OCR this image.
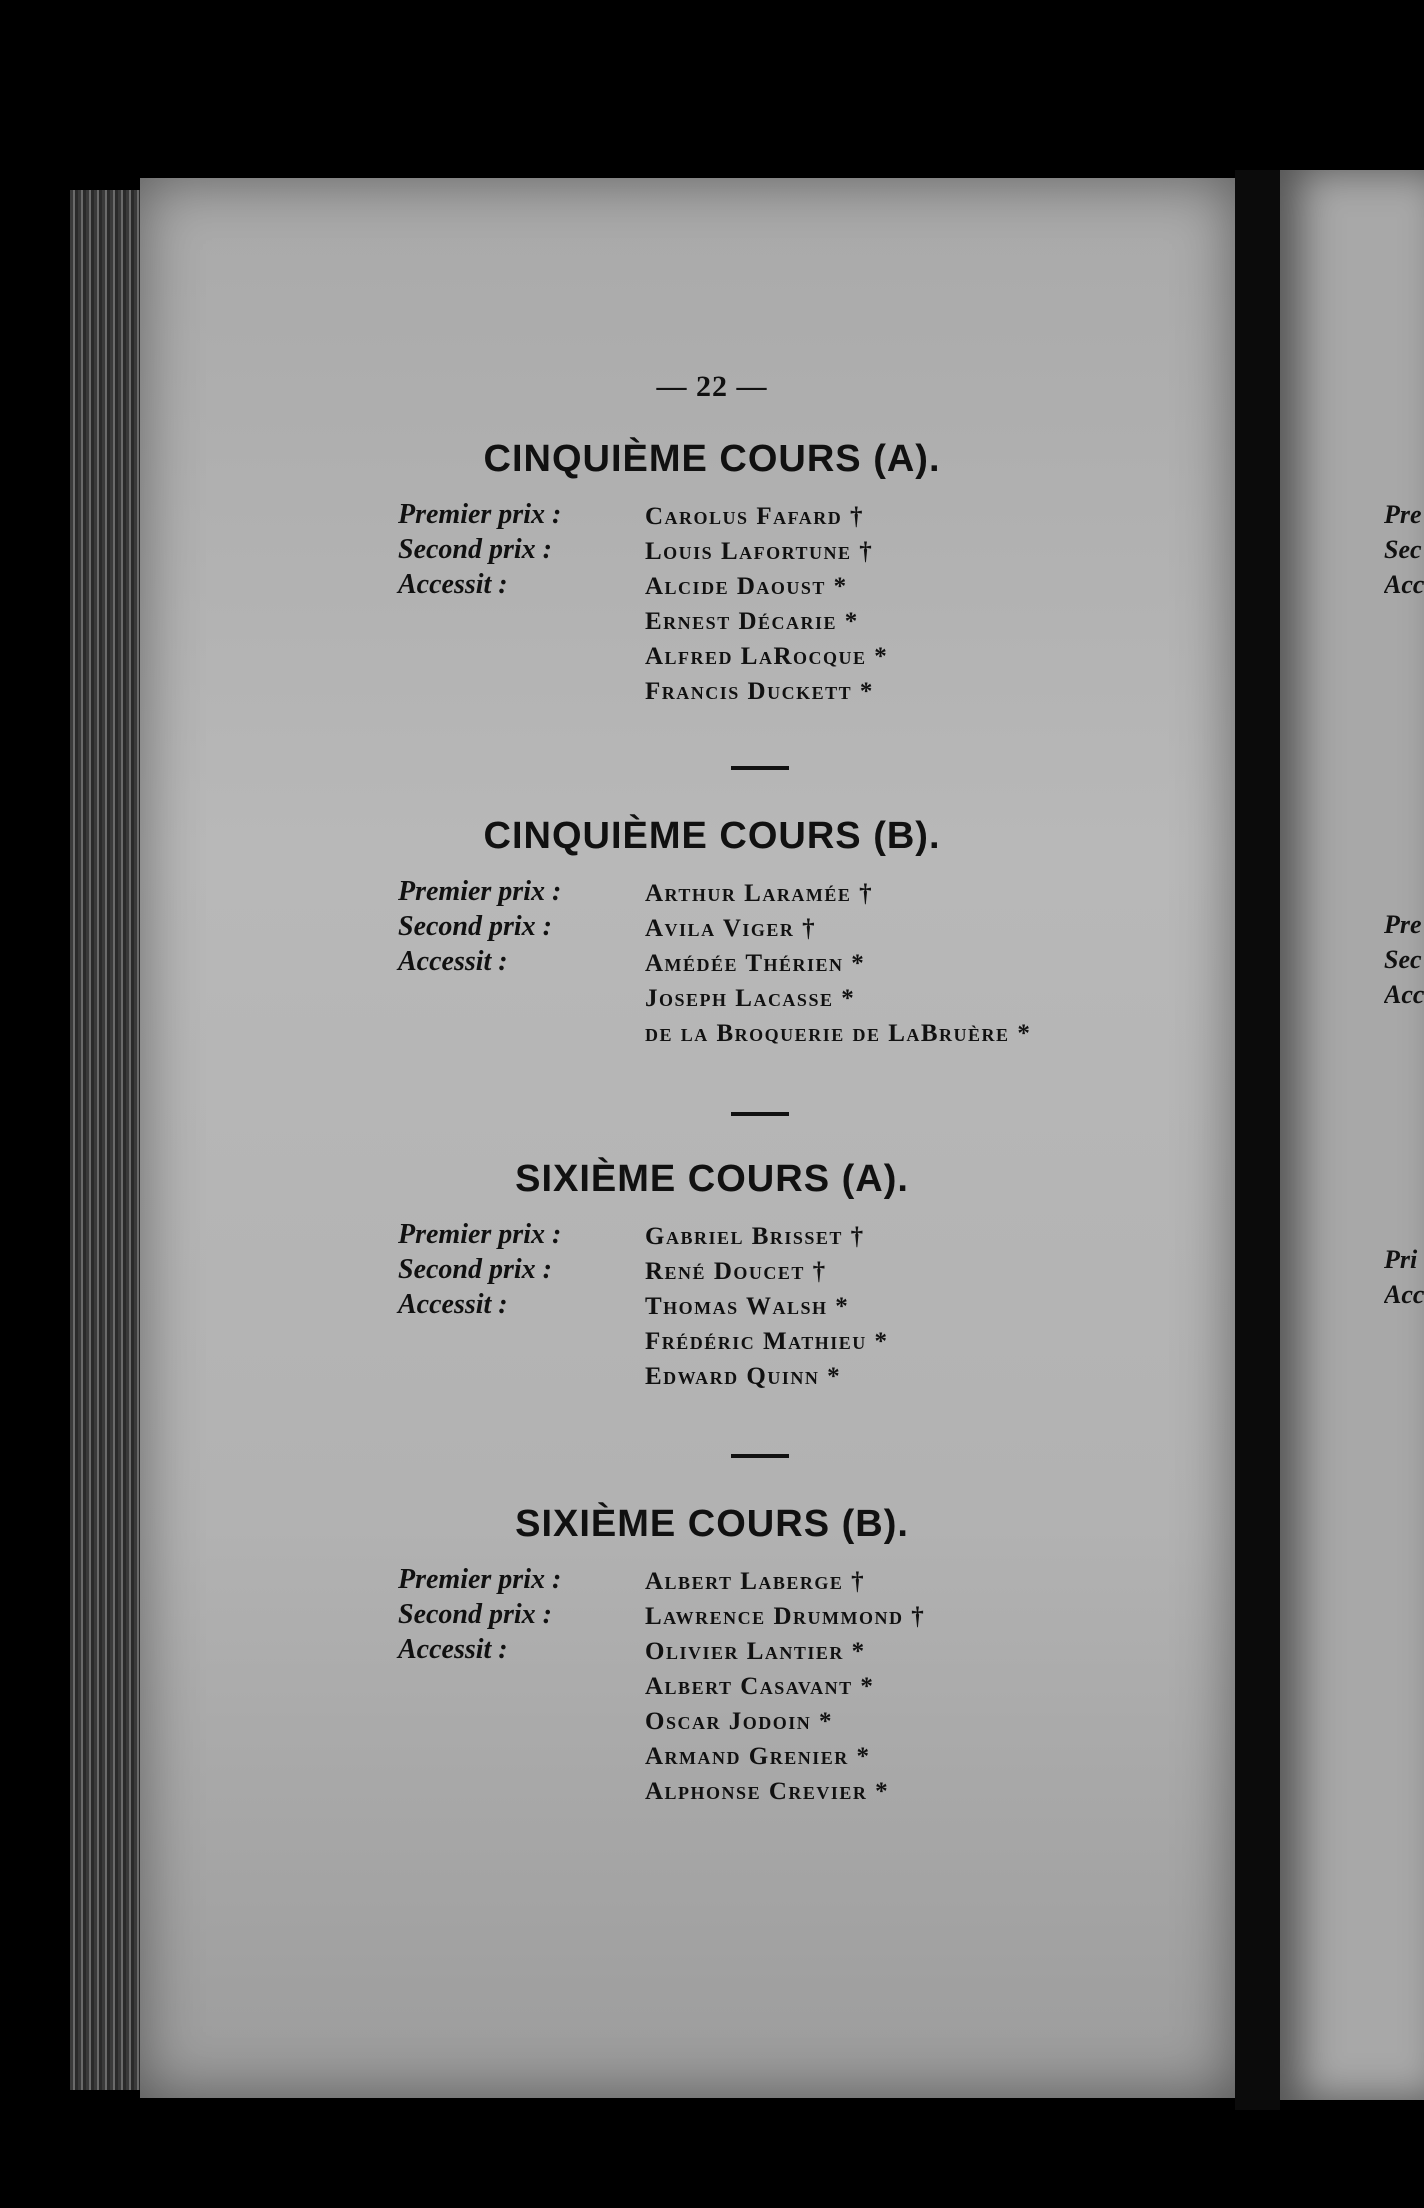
— 22 —
CINQUIÈME COURS (A).
Premier prix :
Second prix :
Accessit :
Carolus Fafard †
Louis Lafortune †
Alcide Daoust *
Ernest Décarie *
Alfred LaRocque *
Francis Duckett *
CINQUIÈME COURS (B).
Premier prix :
Second prix :
Accessit :
Arthur Laramée †
Avila Viger †
Amédée Thérien *
Joseph Lacasse *
de la Broquerie de LaBruère *
SIXIÈME COURS (A).
Premier prix :
Second prix :
Accessit :
Gabriel Brisset †
René Doucet †
Thomas Walsh *
Frédéric Mathieu *
Edward Quinn *
SIXIÈME COURS (B).
Premier prix :
Second prix :
Accessit :
Albert Laberge †
Lawrence Drummond †
Olivier Lantier *
Albert Casavant *
Oscar Jodoin *
Armand Grenier *
Alphonse Crevier *
Pre
Sec
Acc
Pre
Sec
Acc
Pri
Acc
